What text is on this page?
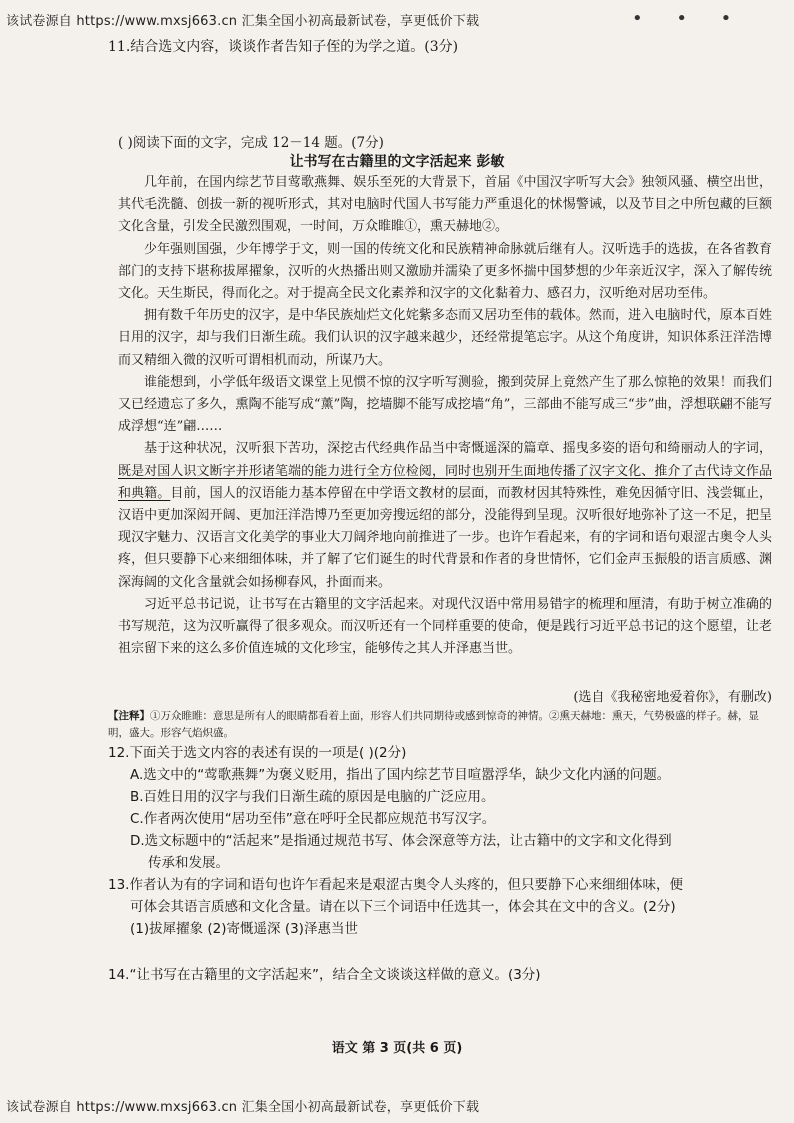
该试卷源自 https://www.mxsj663.cn 汇集全国小初高最新试卷，享更低价下载	• • •
11.结合选文内容，谈谈作者告知子侄的为学之道。(3分)
( )阅读下面的文字，完成 12－14 题。(7分)
让书写在古籍里的文字活起来 彭敏

几年前，在国内综艺节目莺歌燕舞、娱乐至死的大背景下，首届《中国汉字听写大会》独领风骚、横空出世，其代毛洗髓、创拔一新的视听形式，其对电脑时代国人书写能力严重退化的怵惕警诫，以及节目之中所包藏的巨额文化含量，引发全民激烈围观，一时间，万众睢睢①，熏天赫地②。

少年强则国强，少年博学于文，则一国的传统文化和民族精神命脉就后继有人。汉听选手的选拔，在各省教育部门的支持下堪称拔犀擢象，汉听的火热播出则又激励并濡染了更多怀揣中国梦想的少年亲近汉字，深入了解传统文化。天生斯民，得而化之。对于提高全民文化素养和汉字的文化黏着力、感召力，汉听绝对居功至伟。

拥有数千年历史的汉字，是中华民族灿烂文化姹紫多态而又居功至伟的载体。然而，进入电脑时代，原本百姓日用的汉字，却与我们日渐生疏。我们认识的汉字越来越少，还经常提笔忘字。从这个角度讲，知识体系汪洋浩博而又精细入微的汉听可谓相机而动，所谋乃大。

谁能想到，小学低年级语文课堂上见惯不惊的汉字听写测验，搬到荧屏上竟然产生了那么惊艳的效果！而我们又已经遗忘了多久，熏陶不能写成“薰”陶，挖墙脚不能写成挖墙“角”，三部曲不能写成三“步”曲，浮想联翩不能写成浮想“连”翩……

基于这种状况，汉听狠下苦功，深挖古代经典作品当中寄慨遥深的篇章、摇曳多姿的语句和绮丽动人的字词，既是对国人识文断字并形诸笔端的能力进行全方位检阅，同时也别开生面地传播了汉字文化、推介了古代诗文作品和典籍。目前，国人的汉语能力基本停留在中学语文教材的层面，而教材因其特殊性，难免因循守旧、浅尝辄止，汉语中更加深闳开阔、更加汪洋浩博乃至更加旁搜远绍的部分，没能得到呈现。汉听很好地弥补了这一不足，把呈现汉字魅力、汉语言文化美学的事业大刀阔斧地向前推进了一步。也许乍看起来，有的字词和语句艰涩古奥令人头疼，但只要静下心来细细体味，并了解了它们诞生的时代背景和作者的身世情怀，它们金声玉振般的语言质感、渊深海阔的文化含量就会如扬柳春风，扑面而来。

习近平总书记说，让书写在古籍里的文字活起来。对现代汉语中常用易错字的梳理和厘清，有助于树立准确的书写规范，这为汉听赢得了很多观众。而汉听还有一个同样重要的使命，便是践行习近平总书记的这个愿望，让老祖宗留下来的这么多价值连城的文化珍宝，能够传之其人并泽惠当世。

(选自《我秘密地爱着你》，有删改)
【注释】①万众睢睢：意思是所有人的眼睛都看着上面，形容人们共同期待或感到惊奇的神情。②熏天赫地：熏天，气势极盛的样子。赫，显明，盛大。形容气焰炽盛。
12.下面关于选文内容的表述有误的一项是( )(2分)
A.选文中的“莺歌燕舞”为褒义贬用，指出了国内综艺节目喧嚣浮华，缺少文化内涵的问题。
B.百姓日用的汉字与我们日渐生疏的原因是电脑的广泛应用。
C.作者两次使用“居功至伟”意在呼吁全民都应规范书写汉字。
D.选文标题中的“活起来”是指通过规范书写、体会深意等方法，让古籍中的文字和文化得到
传承和发展。
13.作者认为有的字词和语句也许乍看起来是艰涩古奥令人头疼的，但只要静下心来细细体味，便
可体会其语言质感和文化含量。请在以下三个词语中任选其一，体会其在文中的含义。(2分)
(1)拔犀擢象 (2)寄慨遥深 (3)泽惠当世
14.“让书写在古籍里的文字活起来”，结合全文谈谈这样做的意义。(3分)
语文 第 3 页(共 6 页)
该试卷源自 https://www.mxsj663.cn 汇集全国小初高最新试卷，享更低价下载
